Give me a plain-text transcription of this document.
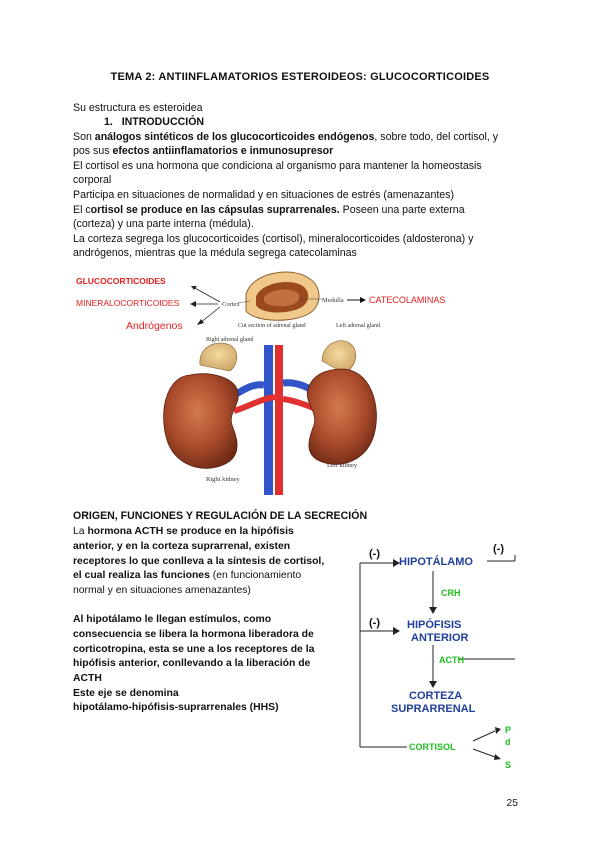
TEMA 2: ANTIINFLAMATORIOS ESTEROIDEOS: GLUCOCORTICOIDES
Su estructura es esteroidea
1. INTRODUCCIÓN
Son análogos sintéticos de los glucocorticoides endógenos, sobre todo, del cortisol, y
pos sus efectos antiinflamatorios e inmunosupresor
El cortisol es una hormona que condiciona al organismo para mantener la homeostasis
corporal
Participa en situaciones de normalidad y en situaciones de estrés (amenazantes)
El cortisol se produce en las cápsulas suprarrenales. Poseen una parte externa
(corteza) y una parte interna (médula).
La corteza segrega los glucocorticoides (cortisol), mineralocorticoides (aldosterona) y
andrógenos, mientras que la médula segrega catecolaminas
GLUCOCORTICOIDES
MINERALOCORTICOIDES
Andrógenos
Cortex
Medulla	CATECOLAMINAS
Cut section of adrenal gland
Right adrenal gland
Left adrenal gland
Right kidney
Left kidney
ORIGEN, FUNCIONES Y REGULACIÓN DE LA SECRECIÓN
La hormona ACTH se produce en la hipófisis
anterior, y en la corteza suprarrenal, existen
receptores lo que conlleva a la síntesis de cortisol,
el cual realiza las funciones (en funcionamiento
normal y en situaciones amenazantes)
Al hipotálamo le llegan estímulos, como
consecuencia se libera la hormona liberadora de
corticotropina, esta se une a los receptores de la
hipófisis anterior, conllevando a la liberación de
ACTH
Este eje se denomina
hipotálamo-hipófisis-suprarrenales (HHS)
(-)	(-)
(-)
HIPOTÁLAMO
CRH
HIPÓFISIS
ANTERIOR
ACTH
CORTEZA
SUPRARRENAL
CORTISOL
P
d
S
25
